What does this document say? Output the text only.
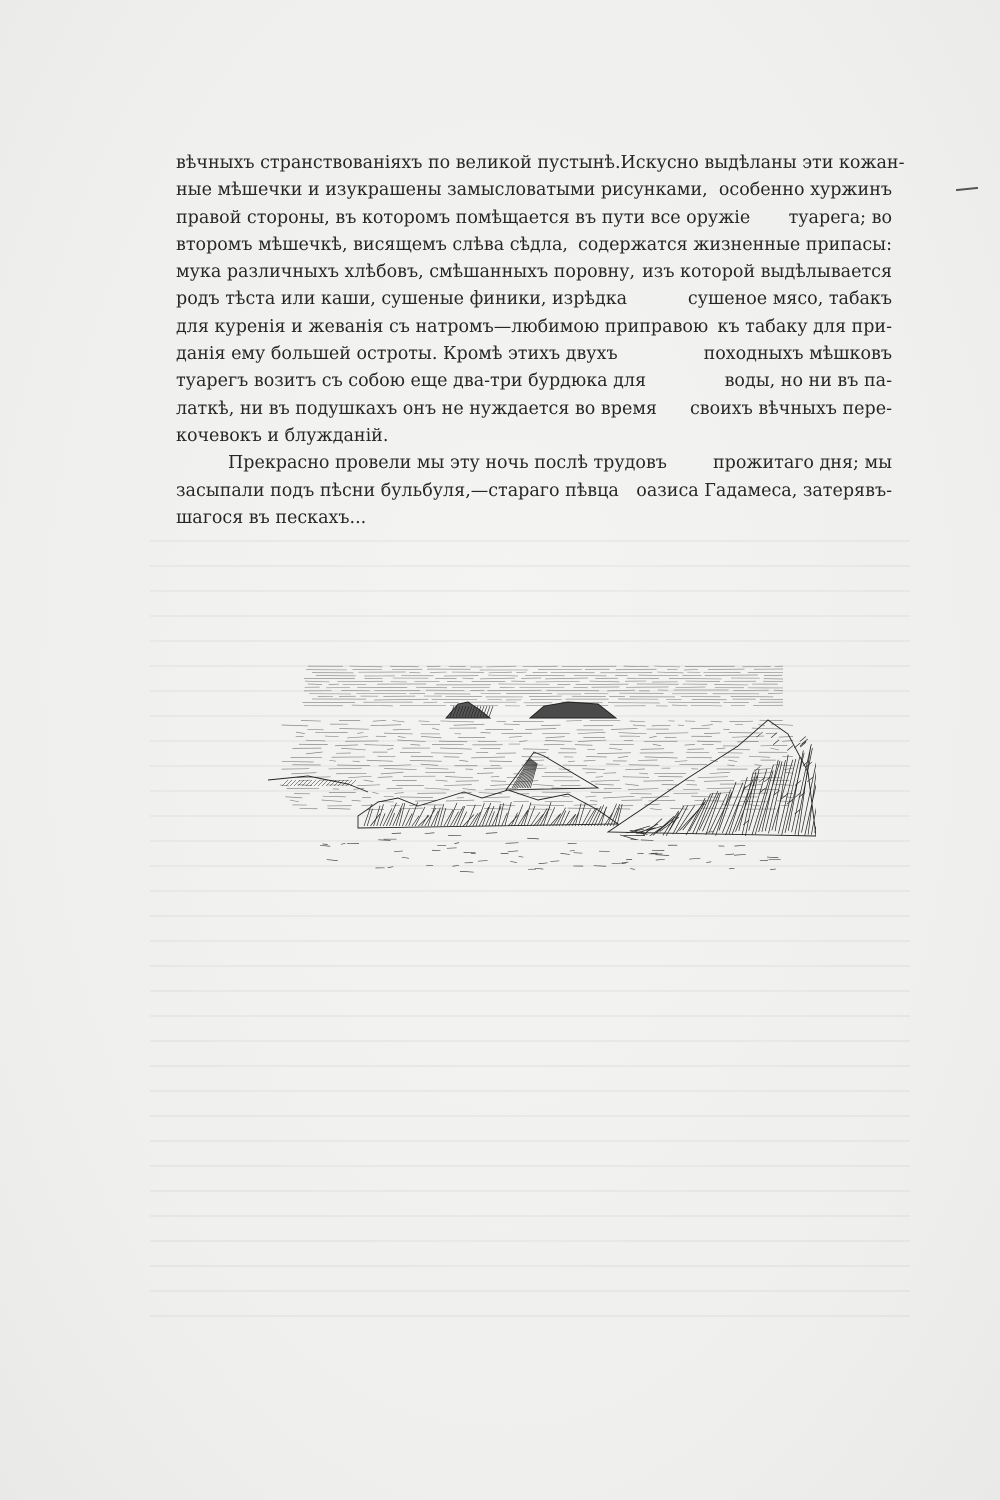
вѣчныхъ странствованіяхъ по великой пустынѣ. Искусно выдѣланы эти кожан-
ные мѣшечки и изукрашены замысловатыми рисунками, особенно хуржинъ
правой стороны, въ которомъ помѣщается въ пути все оружіе туарега; во
второмъ мѣшечкѣ, висящемъ слѣва сѣдла, содержатся жизненные припасы:
мука различныхъ хлѣбовъ, смѣшанныхъ поровну, изъ которой выдѣлывается
родъ тѣста или каши, сушеные финики, изрѣдка	сушеное мясо, табакъ
для куренія и жеванія съ натромъ—любимою приправою къ табаку для при-
данія ему большей остроты. Кромѣ этихъ двухъ	походныхъ мѣшковъ
туарегъ возитъ съ собою еще два-три бурдюка для	воды, но ни въ па-
латкѣ, ни въ подушкахъ онъ не нуждается во время своихъ вѣчныхъ пере-
кочевокъ и блужданій.
Прекрасно провели мы эту ночь послѣ трудовъ	прожитаго дня; мы
засыпали подъ пѣсни бульбуля,—стараго пѣвца оазиса Гадамеса, затерявъ-
шагося въ пескахъ...
